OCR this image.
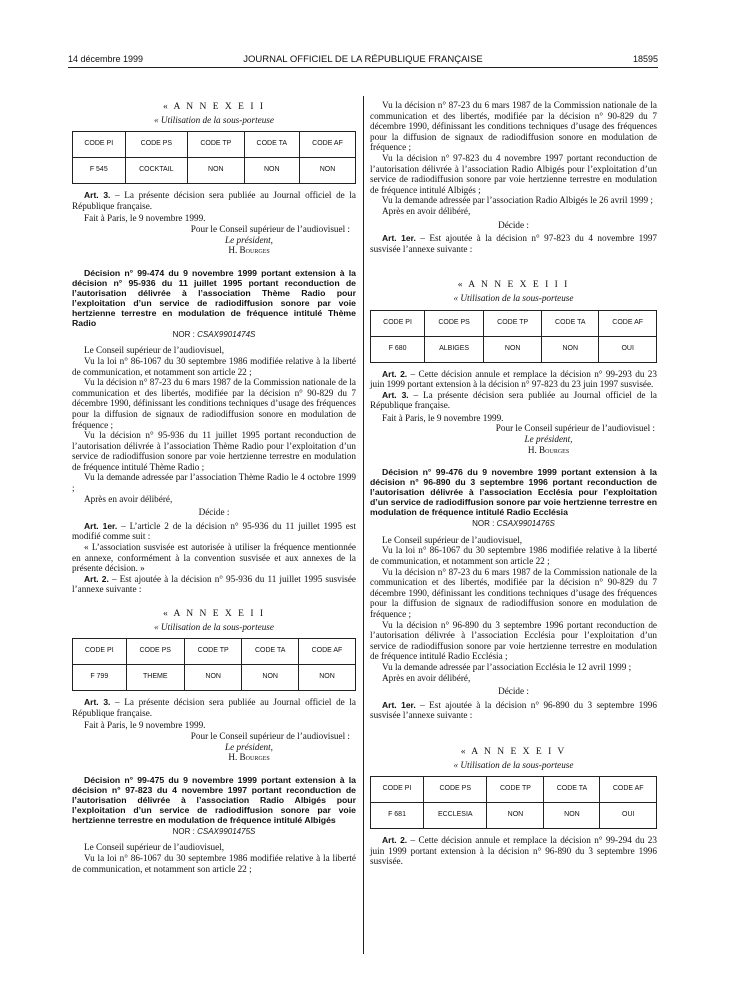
14 décembre 1999	JOURNAL OFFICIEL DE LA RÉPUBLIQUE FRANÇAISE	18595
« A N N E X E I I
« Utilisation de la sous-porteuse
CODE PI	CODE PS	CODE TP	CODE TA	CODE AF
F 545	COCKTAIL	NON	NON	NON

Art. 3. – La présente décision sera publiée au Journal officiel de la République française.

Fait à Paris, le 9 novembre 1999.

Pour le Conseil supérieur de l’audiovisuel :
Le président,
H. Bourges

Décision n° 99-474 du 9 novembre 1999 portant extension à la décision n° 95-936 du 11 juillet 1995 portant reconduction de l’autorisation délivrée à l’association Thème Radio pour l’exploitation d’un service de radiodiffusion sonore par voie hertzienne terrestre en modulation de fréquence intitulé Thème Radio

NOR : CSAX9901474S

Le Conseil supérieur de l’audiovisuel,

Vu la loi n° 86-1067 du 30 septembre 1986 modifiée relative à la liberté de communication, et notamment son article 22 ;

Vu la décision n° 87-23 du 6 mars 1987 de la Commission nationale de la communication et des libertés, modifiée par la décision n° 90-829 du 7 décembre 1990, définissant les conditions techniques d’usage des fréquences pour la diffusion de signaux de radiodiffusion sonore en modulation de fréquence ;

Vu la décision n° 95-936 du 11 juillet 1995 portant reconduction de l’autorisation délivrée à l’association Thème Radio pour l’exploitation d’un service de radiodiffusion sonore par voie hertzienne terrestre en modulation de fréquence intitulé Thème Radio ;

Vu la demande adressée par l’association Thème Radio le 4 octobre 1999 ;

Après en avoir délibéré,

Décide :

Art. 1er. – L’article 2 de la décision n° 95-936 du 11 juillet 1995 est modifié comme suit :

« L’association susvisée est autorisée à utiliser la fréquence mentionnée en annexe, conformément à la convention susvisée et aux annexes de la présente décision. »

Art. 2. – Est ajoutée à la décision n° 95-936 du 11 juillet 1995 susvisée l’annexe suivante :

« A N N E X E I I
« Utilisation de la sous-porteuse
CODE PI	CODE PS	CODE TP	CODE TA	CODE AF
F 799	THEME	NON	NON	NON

Art. 3. – La présente décision sera publiée au Journal officiel de la République française.

Fait à Paris, le 9 novembre 1999.

Pour le Conseil supérieur de l’audiovisuel :
Le président,
H. Bourges

Décision n° 99-475 du 9 novembre 1999 portant extension à la décision n° 97-823 du 4 novembre 1997 portant reconduction de l’autorisation délivrée à l’association Radio Albigés pour l’exploitation d’un service de radiodiffusion sonore par voie hertzienne terrestre en modulation de fréquence intitulé Albigés

NOR : CSAX9901475S

Le Conseil supérieur de l’audiovisuel,

Vu la loi n° 86-1067 du 30 septembre 1986 modifiée relative à la liberté de communication, et notamment son article 22 ;

Vu la décision n° 87-23 du 6 mars 1987 de la Commission nationale de la communication et des libertés, modifiée par la décision n° 90-829 du 7 décembre 1990, définissant les conditions techniques d’usage des fréquences pour la diffusion de signaux de radiodiffusion sonore en modulation de fréquence ;

Vu la décision n° 97-823 du 4 novembre 1997 portant reconduction de l’autorisation délivrée à l’association Radio Albigés pour l’exploitation d’un service de radiodiffusion sonore par voie hertzienne terrestre en modulation de fréquence intitulé Albigés ;

Vu la demande adressée par l’association Radio Albigés le 26 avril 1999 ;

Après en avoir délibéré,

Décide :

Art. 1er. – Est ajoutée à la décision n° 97-823 du 4 novembre 1997 susvisée l’annexe suivante :

« A N N E X E I I I
« Utilisation de la sous-porteuse
CODE PI	CODE PS	CODE TP	CODE TA	CODE AF
F 680	ALBIGES	NON	NON	OUI

Art. 2. – Cette décision annule et remplace la décision n° 99-293 du 23 juin 1999 portant extension à la décision n° 97-823 du 23 juin 1997 susvisée.

Art. 3. – La présente décision sera publiée au Journal officiel de la République française.

Fait à Paris, le 9 novembre 1999.

Pour le Conseil supérieur de l’audiovisuel :
Le président,
H. Bourges

Décision n° 99-476 du 9 novembre 1999 portant extension à la décision n° 96-890 du 3 septembre 1996 portant reconduction de l’autorisation délivrée à l’association Ecclésia pour l’exploitation d’un service de radiodiffusion sonore par voie hertzienne terrestre en modulation de fréquence intitulé Radio Ecclésia

NOR : CSAX9901476S

Le Conseil supérieur de l’audiovisuel,

Vu la loi n° 86-1067 du 30 septembre 1986 modifiée relative à la liberté de communication, et notamment son article 22 ;

Vu la décision n° 87-23 du 6 mars 1987 de la Commission nationale de la communication et des libertés, modifiée par la décision n° 90-829 du 7 décembre 1990, définissant les conditions techniques d’usage des fréquences pour la diffusion de signaux de radiodiffusion sonore en modulation de fréquence ;

Vu la décision n° 96-890 du 3 septembre 1996 portant reconduction de l’autorisation délivrée à l’association Ecclésia pour l’exploitation d’un service de radiodiffusion sonore par voie hertzienne terrestre en modulation de fréquence intitulé Radio Ecclésia ;

Vu la demande adressée par l’association Ecclésia le 12 avril 1999 ;

Après en avoir délibéré,

Décide :

Art. 1er. – Est ajoutée à la décision n° 96-890 du 3 septembre 1996 susvisée l’annexe suivante :

« A N N E X E I V
« Utilisation de la sous-porteuse
CODE PI	CODE PS	CODE TP	CODE TA	CODE AF
F 681	ECCLESIA	NON	NON	OUI

Art. 2. – Cette décision annule et remplace la décision n° 99-294 du 23 juin 1999 portant extension à la décision n° 96-890 du 3 septembre 1996 susvisée.
